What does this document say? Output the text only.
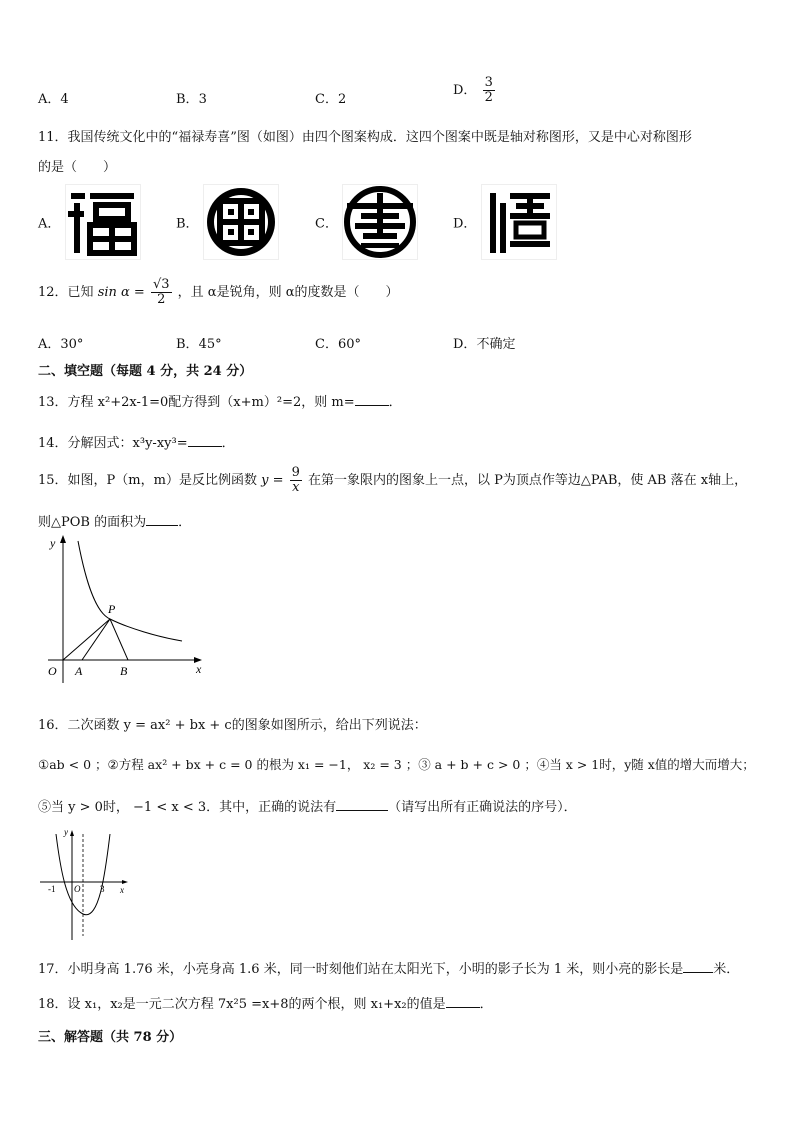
A．4	B．3	C．2
D． $\frac{3}{2}$
11．我国传统文化中的“福禄寿喜”图（如图）由四个图案构成．这四个图案中既是轴对称图形，又是中心对称图形
的是（　　）
A．	B．	C．	D．
12．已知 $\sin \alpha = \frac{√3}{2}$ ，且 α是锐角，则 α的度数是（　　）
A．30°	B．45°	C．60°	D．不确定
二、填空题（每题 4 分，共 24 分）
13．方程 x²+2x-1=0配方得到（x+m）²=2，则 m=	．
14．分解因式：x³y-xy³=	．
15．如图，P（m，m）是反比例函数 $y = \frac{9}{x}$ 在第一象限内的图象上一点，以 P为顶点作等边△PAB，使 AB 落在 x轴上，
则△POB 的面积为 ．
y
x
O A	B
P
16．二次函数 y = ax² + bx + c的图象如图所示，给出下列说法：
①ab < 0 ；②方程 ax² + bx + c = 0 的根为 x₁ = −1， x₂ = 3 ；③ a + b + c > 0 ；④当 x > 1时，y随 x值的增大而增大；
⑤当 y > 0时， −1 < x < 3．其中，正确的说法有	（请写出所有正确说法的序号）．
y
x
O
-1	3
17．小明身高 1.76 米，小亮身高 1.6 米，同一时刻他们站在太阳光下，小明的影子长为 1 米，则小亮的影长是 米．
18．设 x₁，x₂是一元二次方程 7x²5 =x+8的两个根，则 x₁+x₂的值是	．
三、解答题（共 78 分）
